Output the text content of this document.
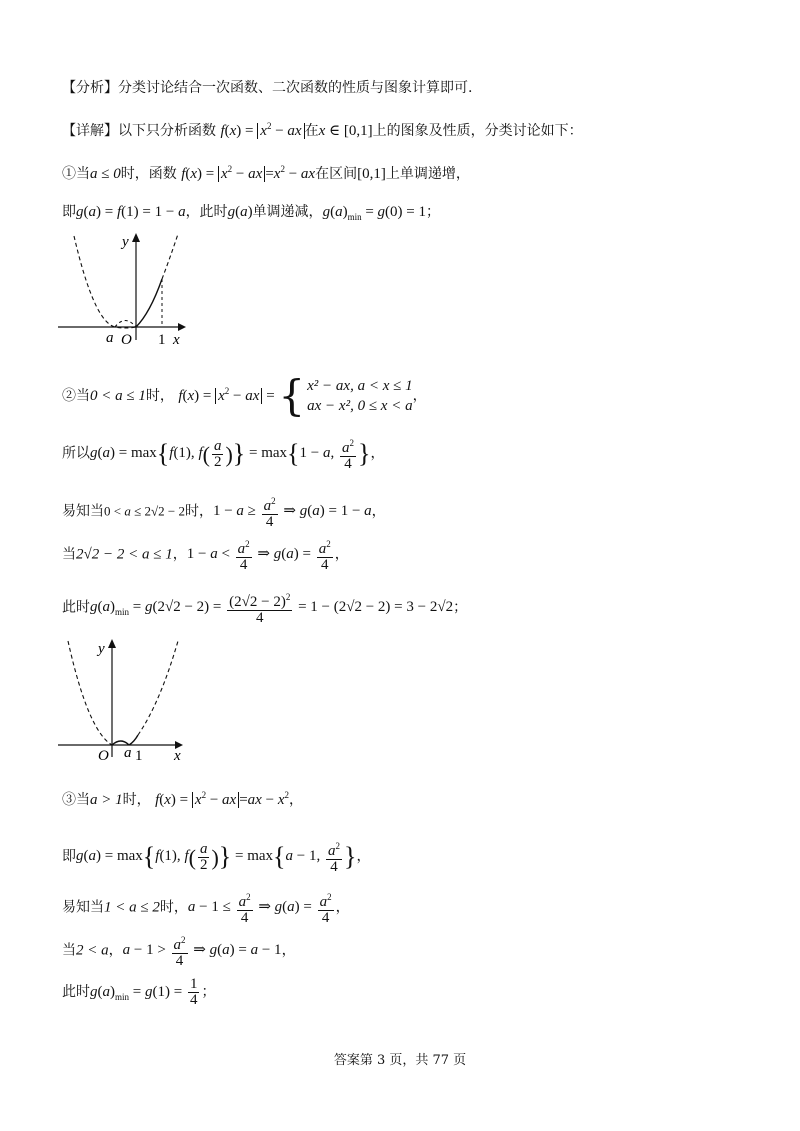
【分析】分类讨论结合一次函数、二次函数的性质与图象计算即可.
【详解】以下只分析函数 $f(x) = x^2$ − ax 在x ∈ [0,1]上的图象及性质，分类讨论如下：
①当a ≤ 0时，函数 $f(x) = x^2$ − ax $=x^2$ − ax在区间[0,1]上单调递增，
即g(a) = f(1) = 1 − a，此时g(a)单调递减，$g(a)_{min} = g(0) = 1$；
y
a O 1 x
②当0 < a ≤ 1时， $f(x) = x^2$ − ax = { x² − ax, a < x ≤ 1
ax − x², 0 ≤ x < a
，
所以g(a) = max{f(1), $f( \frac{a}{2}$ )} = max{1 − a, $\frac{a^2}{4}$ }，
易知当0 < a ≤ 2√2 − 2时，$1 - a \ge \frac{a^2}{4}$ ⇒ g(a) = 1 − a，
当2√2 − 2 < a ≤ 1，$1 - a < \frac{a^2}{4}$ ⇒ $g(a) = \frac{a^2}{4}$ ，
此时$g(a)_{min} = g(2√2 - 2) = \frac{(2√2 - 2)^2}{4} = 1 - (2√2 - 2) = 3 - 2√2$；
y
O a 1 x
③当a > 1时， $f(x) = x^2$ − ax $=ax - x^2$，
即g(a) = max{f(1), $f( \frac{a}{2}$ )} = max{a − 1, $\frac{a^2}{4}$ }，
易知当1 < a ≤ 2时，$a - 1 \le \frac{a^2}{4}$ ⇒ $g(a) = \frac{a^2}{4}$ ，
当2 < a，$a - 1 > \frac{a^2}{4}$ ⇒ g(a) = a − 1，
此时$g(a)_{min} = g(1) = \frac{1}{4}$ ；
答案第 3 页，共 77 页
